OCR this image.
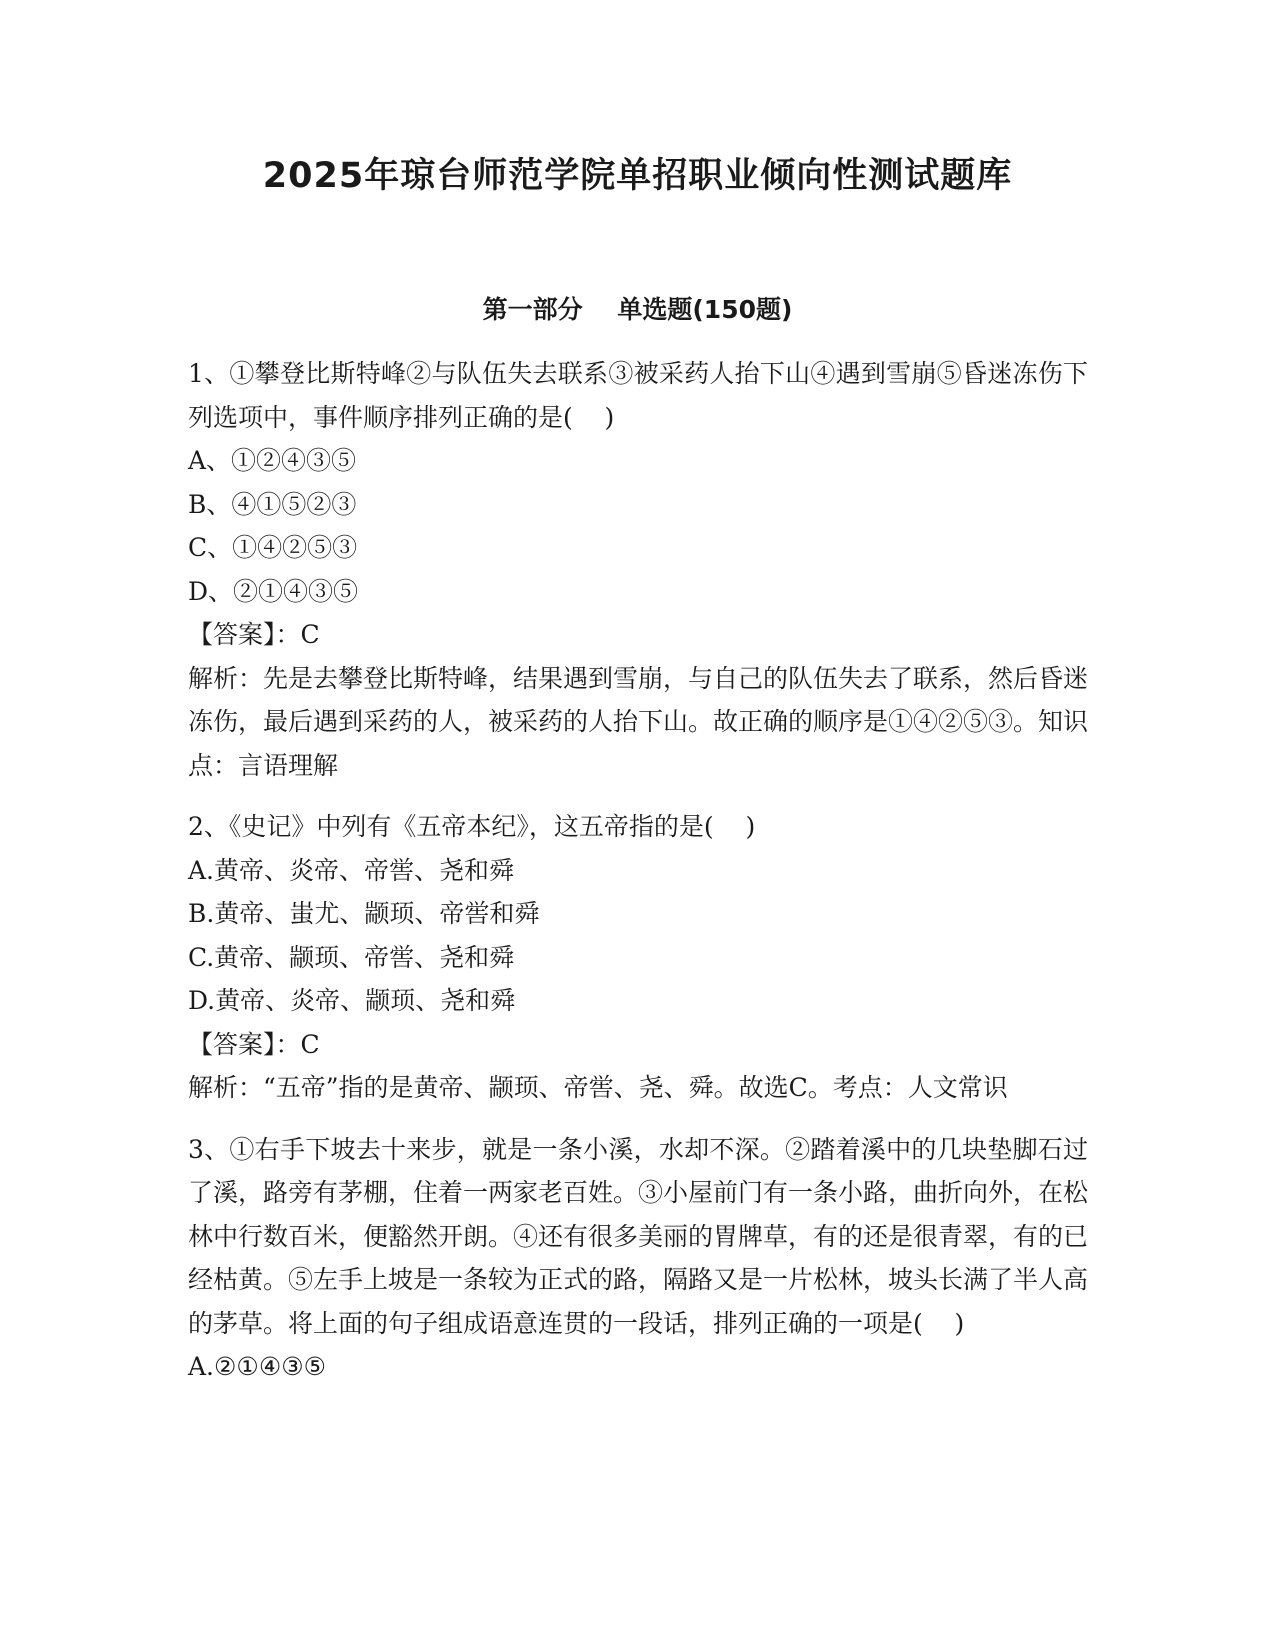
2025年琼台师范学院单招职业倾向性测试题库
第一部分    单选题(150题)

1、①攀登比斯特峰②与队伍失去联系③被采药人抬下山④遇到雪崩⑤昏迷冻伤下列选项中，事件顺序排列正确的是(    )

A、①②④③⑤

B、④①⑤②③

C、①④②⑤③

D、②①④③⑤

【答案】：C

解析：先是去攀登比斯特峰，结果遇到雪崩，与自己的队伍失去了联系，然后昏迷冻伤，最后遇到采药的人，被采药的人抬下山。故正确的顺序是①④②⑤③。知识点：言语理解

2、《史记》中列有《五帝本纪》，这五帝指的是(    )

A.黄帝、炎帝、帝喾、尧和舜

B.黄帝、蚩尤、颛顼、帝喾和舜

C.黄帝、颛顼、帝喾、尧和舜

D.黄帝、炎帝、颛顼、尧和舜

【答案】：C

解析：“五帝”指的是黄帝、颛顼、帝喾、尧、舜。故选C。考点：人文常识

3、①右手下坡去十来步，就是一条小溪，水却不深。②踏着溪中的几块垫脚石过了溪，路旁有茅棚，住着一两家老百姓。③小屋前门有一条小路，曲折向外，在松林中行数百米，便豁然开朗。④还有很多美丽的胃牌草，有的还是很青翠，有的已经枯黄。⑤左手上坡是一条较为正式的路，隔路又是一片松林，坡头长满了半人高的茅草。将上面的句子组成语意连贯的一段话，排列正确的一项是(    )

A.②①④③⑤
